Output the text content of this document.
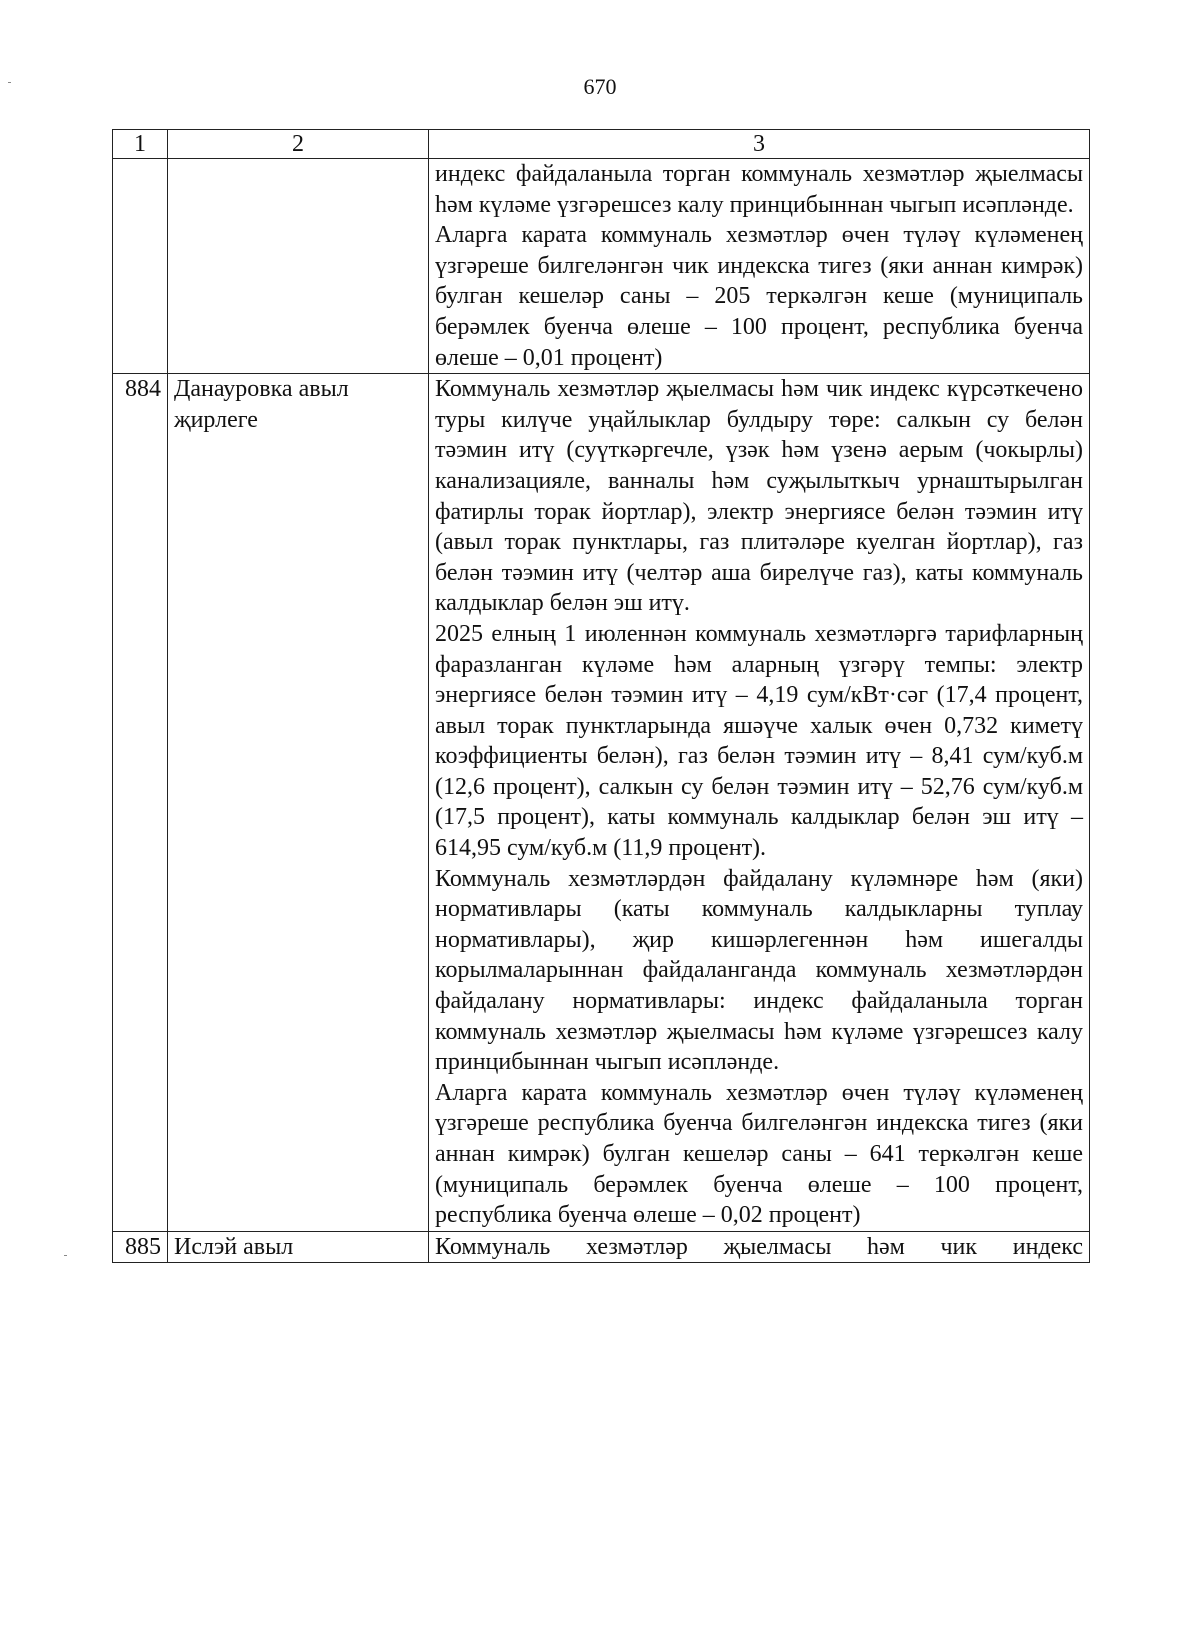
670
1	2	3

		индекс файдаланыла торган коммуналь хезмәтләр җыелмасы һәм күләме үзгәрешсез калу принцибыннан чыгып исәпләнде.

Аларга карата коммуналь хезмәтләр өчен түләү күләменең үзгәреше билгеләнгән чик индекска тигез (яки аннан кимрәк) булган кешеләр саны – 205 теркәлгән кеше (муниципаль берәмлек буенча өлеше – 100 процент, республика буенча өлеше – 0,01 процент)

884	Данауровка авыл җирлеге	Коммуналь хезмәтләр җыелмасы һәм чик индекс күрсәткечено туры килүче уңайлыклар булдыру төре: салкын су белән тәэмин итү (суүткәргечле, үзәк һәм үзенә аерым (чокырлы) канализацияле, ванналы һәм суҗылыткыч урнаштырылган фатирлы торак йортлар), электр энергиясе белән тәэмин итү (авыл торак пунктлары, газ плитәләре куелган йортлар), газ белән тәэмин итү (челтәр аша бирелүче газ), каты коммуналь калдыклар белән эш итү.

2025 елның 1 июленнән коммуналь хезмәтләргә тарифларның фаразланган күләме һәм аларның үзгәрү темпы: электр энергиясе белән тәэмин итү – 4,19 сум/кВт·сәг (17,4 процент, авыл торак пунктларында яшәүче халык өчен 0,732 киметү коэффициенты белән), газ белән тәэмин итү – 8,41 сум/куб.м (12,6 процент), салкын су белән тәэмин итү – 52,76 сум/куб.м (17,5 процент), каты коммуналь калдыклар белән эш итү – 614,95 сум/куб.м (11,9 процент).

Коммуналь хезмәтләрдән файдалану күләмнәре һәм (яки) нормативлары (каты коммуналь калдыкларны туплау нормативлары), җир кишәрлегеннән һәм ишегалды корылмаларыннан файдаланганда коммуналь хезмәтләрдән файдалану нормативлары: индекс файдаланыла торган коммуналь хезмәтләр җыелмасы һәм күләме үзгәрешсез калу принцибыннан чыгып исәпләнде.

Аларга карата коммуналь хезмәтләр өчен түләү күләменең үзгәреше республика буенча билгеләнгән индекска тигез (яки аннан кимрәк) булган кешеләр саны – 641 теркәлгән кеше (муниципаль берәмлек буенча өлеше – 100 процент, республика буенча өлеше – 0,02 процент)

885	Ислэй авыл	Коммуналь хезмәтләр җыелмасы һәм чик индекс
